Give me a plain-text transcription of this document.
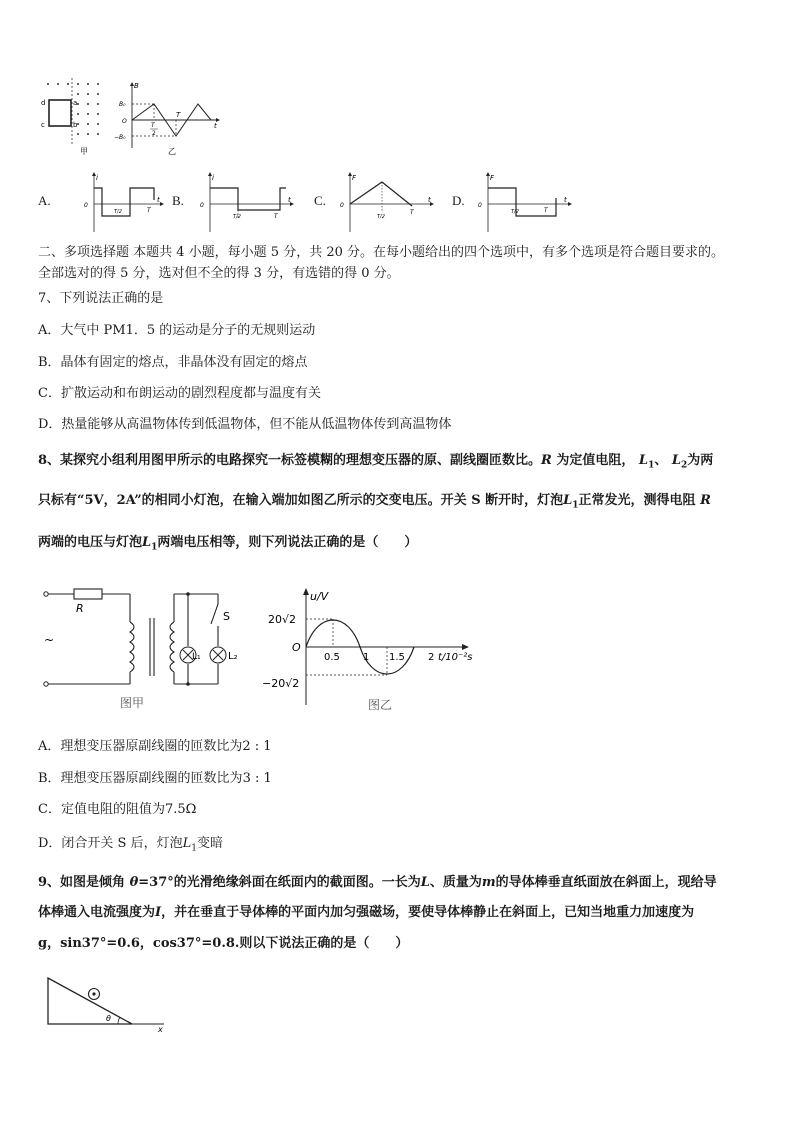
d
c
a
b
甲
B
B₀
O
−B₀
T
2
T
t
乙
A.
i
0
T/2	T
t B.
i
0
T/2	T
t C.
F
0
T/2
T
t D.
F
0
T/2	T
t
二、多项选择题 本题共 4 小题，每小题 5 分，共 20 分。在每小题给出的四个选项中，有多个选项是符合题目要求的。
全部选对的得 5 分，选对但不全的得 3 分，有选错的得 0 分。
7、下列说法正确的是
A．大气中 PM1．5 的运动是分子的无规则运动
B．晶体有固定的熔点，非晶体没有固定的熔点
C．扩散运动和布朗运动的剧烈程度都与温度有关
D．热量能够从高温物体传到低温物体，但不能从低温物体传到高温物体
8、某探究小组利用图甲所示的电路探究一标签模糊的理想变压器的原、副线圈匝数比。R 为定值电阻， $L_1$、 $L_2$为两
只标有“5V，2A”的相同小灯泡，在输入端加如图乙所示的交变电压。开关 S 断开时，灯泡$L_1$正常发光，测得电阻 R
两端的电压与灯泡$L_1$两端电压相等，则下列说法正确的是（　　）
R
S
L₁	L₂
~
图甲
u/V
20√2
O
−20√2
0.5 1 1.5 2 t/10⁻²s
图乙
A．理想变压器原副线圈的匝数比为2 : 1
B．理想变压器原副线圈的匝数比为3 : 1
C．定值电阻的阻值为7.5Ω
D．闭合开关 S 后，灯泡$L_1$变暗
9、如图是倾角 θ=37°的光滑绝缘斜面在纸面内的截面图。一长为L、质量为m的导体棒垂直纸面放在斜面上，现给导
体棒通入电流强度为I，并在垂直于导体棒的平面内加匀强磁场，要使导体棒静止在斜面上，已知当地重力加速度为
g，sin37°=0.6，cos37°=0.8.则以下说法正确的是（　　）
θ
x
